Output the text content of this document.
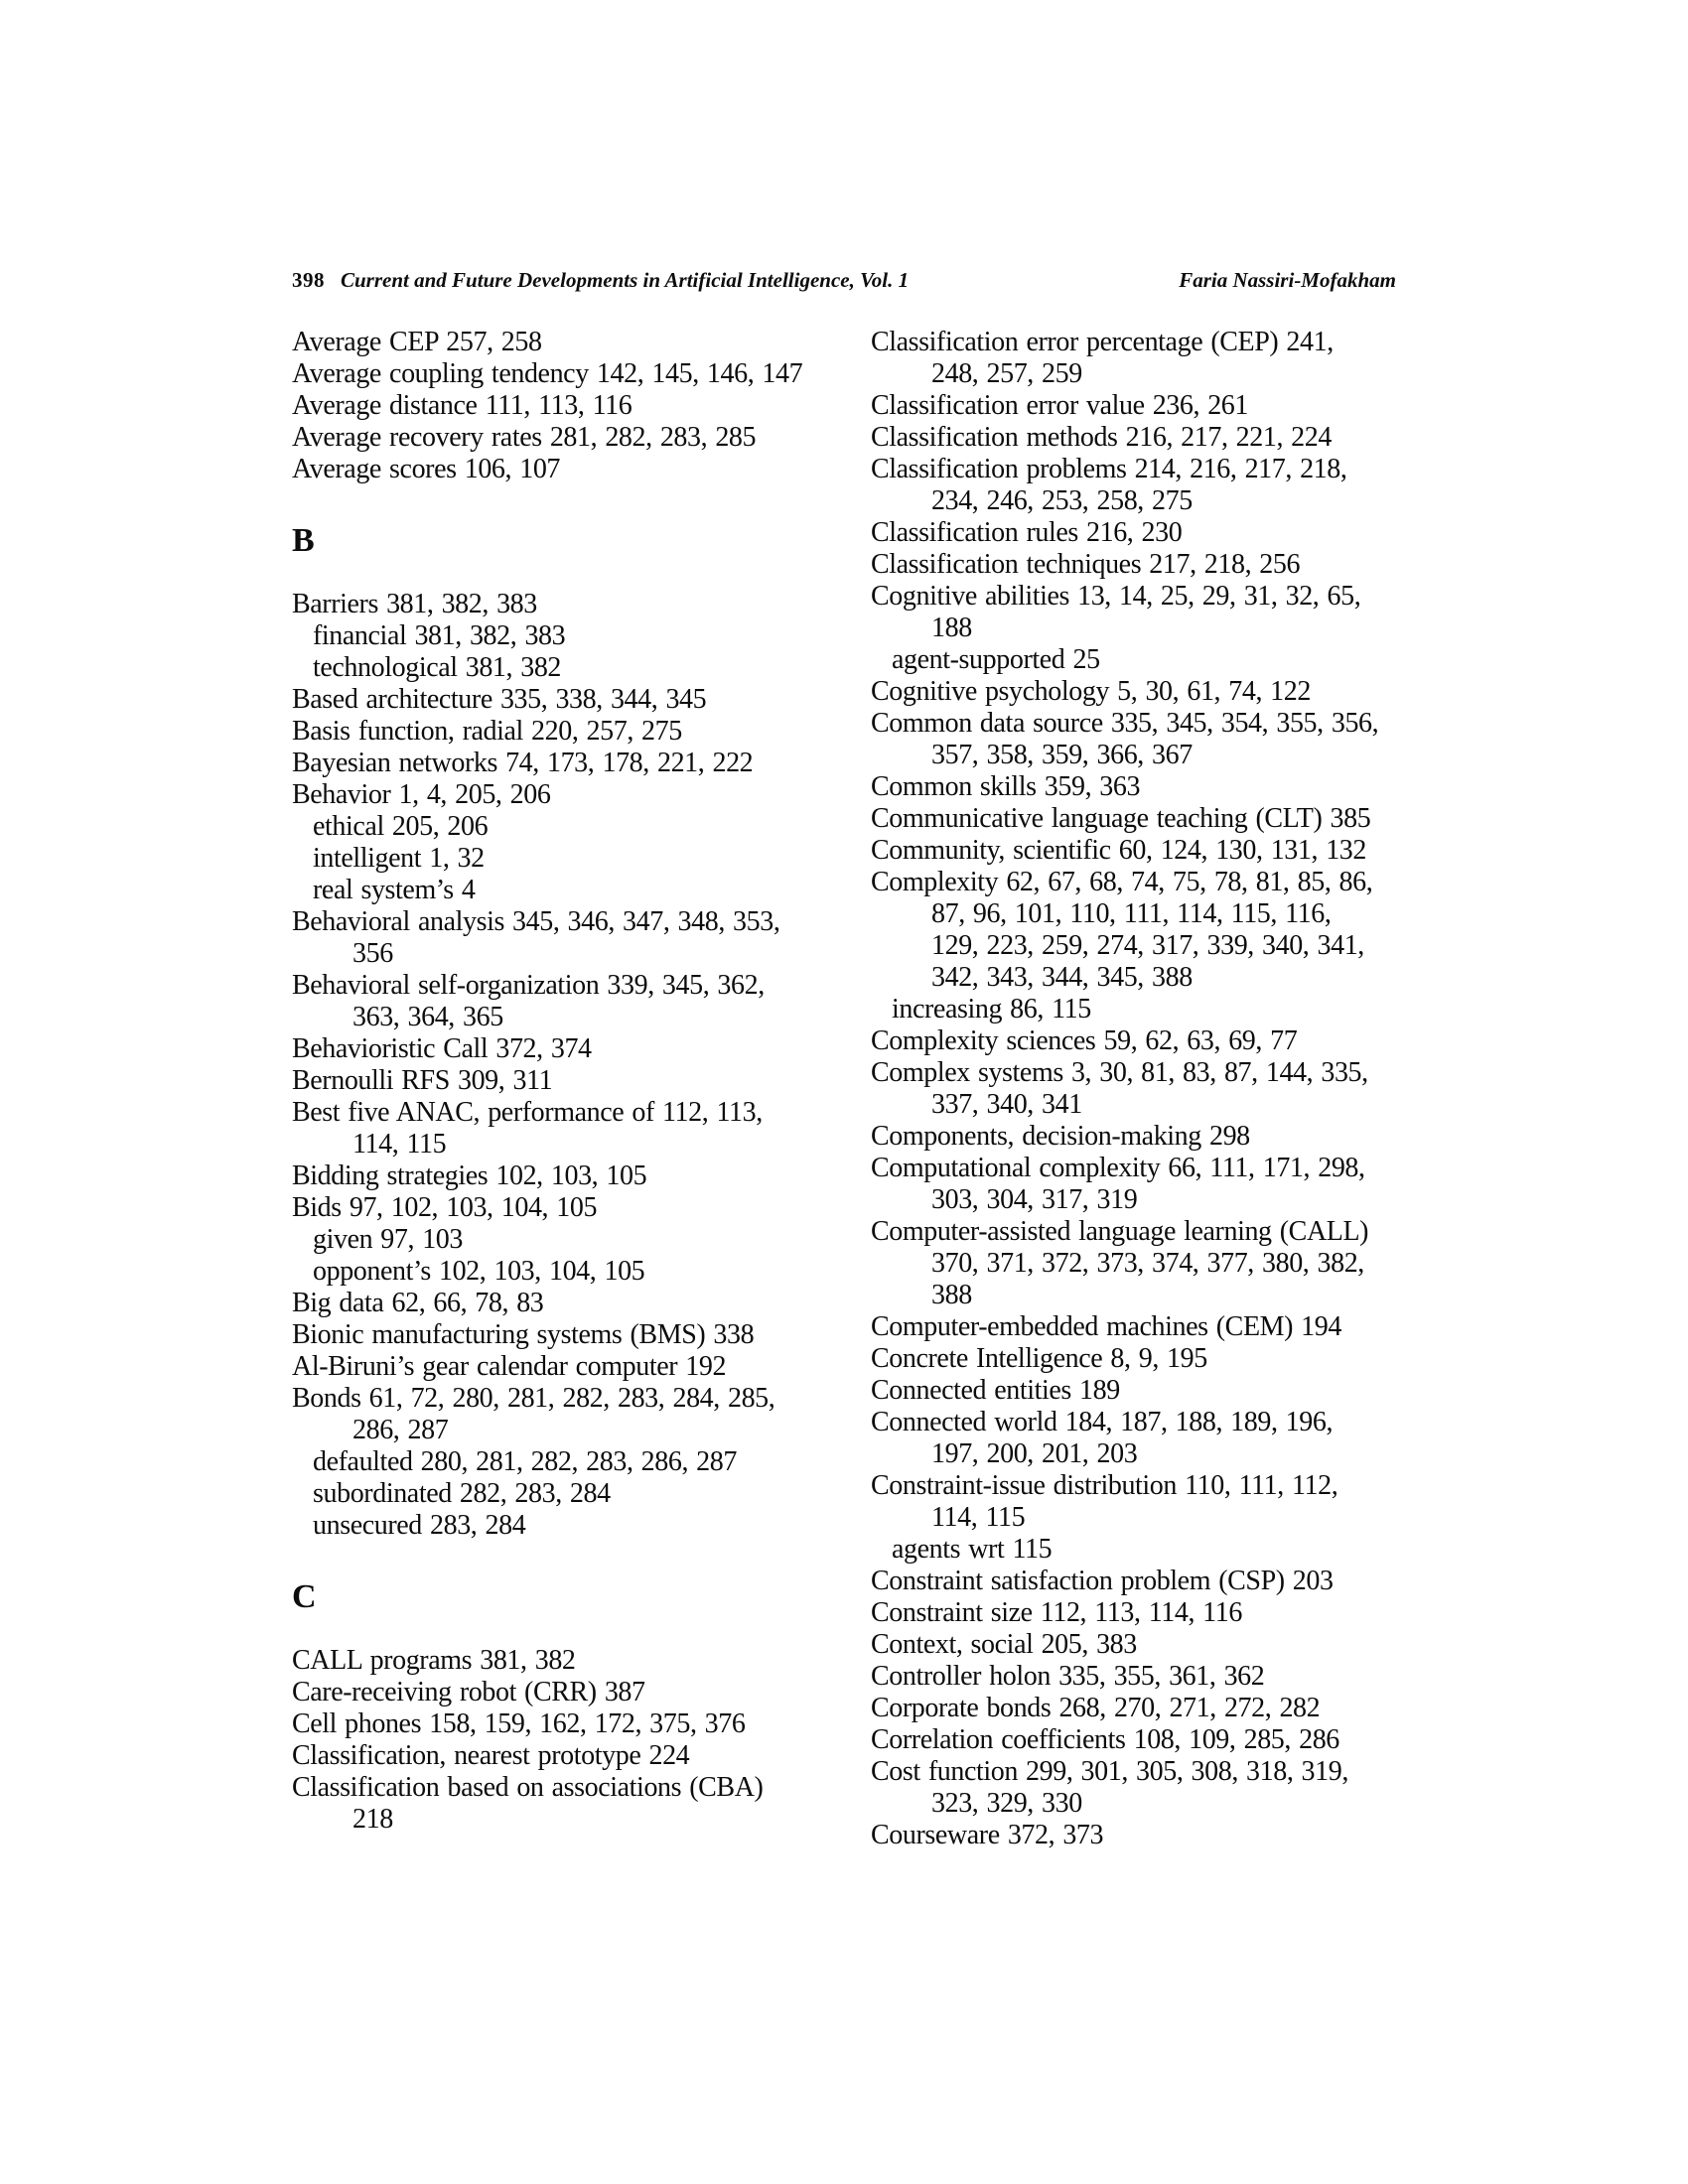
398 Current and Future Developments in Artificial Intelligence, Vol. 1	Faria Nassiri-Mofakham
Average CEP 257, 258
Average coupling tendency 142, 145, 146, 147
Average distance 111, 113, 116
Average recovery rates 281, 282, 283, 285
Average scores 106, 107
B
Barriers 381, 382, 383
financial 381, 382, 383
technological 381, 382
Based architecture 335, 338, 344, 345
Basis function, radial 220, 257, 275
Bayesian networks 74, 173, 178, 221, 222
Behavior 1, 4, 205, 206
ethical 205, 206
intelligent 1, 32
real system’s 4
Behavioral analysis 345, 346, 347, 348, 353,
356
Behavioral self-organization 339, 345, 362,
363, 364, 365
Behavioristic Call 372, 374
Bernoulli RFS 309, 311
Best five ANAC, performance of 112, 113,
114, 115
Bidding strategies 102, 103, 105
Bids 97, 102, 103, 104, 105
given 97, 103
opponent’s 102, 103, 104, 105
Big data 62, 66, 78, 83
Bionic manufacturing systems (BMS) 338
Al-Biruni’s gear calendar computer 192
Bonds 61, 72, 280, 281, 282, 283, 284, 285,
286, 287
defaulted 280, 281, 282, 283, 286, 287
subordinated 282, 283, 284
unsecured 283, 284
C
CALL programs 381, 382
Care-receiving robot (CRR) 387
Cell phones 158, 159, 162, 172, 375, 376
Classification, nearest prototype 224
Classification based on associations (CBA)
218
Classification error percentage (CEP) 241,
248, 257, 259
Classification error value 236, 261
Classification methods 216, 217, 221, 224
Classification problems 214, 216, 217, 218,
234, 246, 253, 258, 275
Classification rules 216, 230
Classification techniques 217, 218, 256
Cognitive abilities 13, 14, 25, 29, 31, 32, 65,
188
agent-supported 25
Cognitive psychology 5, 30, 61, 74, 122
Common data source 335, 345, 354, 355, 356,
357, 358, 359, 366, 367
Common skills 359, 363
Communicative language teaching (CLT) 385
Community, scientific 60, 124, 130, 131, 132
Complexity 62, 67, 68, 74, 75, 78, 81, 85, 86,
87, 96, 101, 110, 111, 114, 115, 116,
129, 223, 259, 274, 317, 339, 340, 341,
342, 343, 344, 345, 388
increasing 86, 115
Complexity sciences 59, 62, 63, 69, 77
Complex systems 3, 30, 81, 83, 87, 144, 335,
337, 340, 341
Components, decision-making 298
Computational complexity 66, 111, 171, 298,
303, 304, 317, 319
Computer-assisted language learning (CALL)
370, 371, 372, 373, 374, 377, 380, 382,
388
Computer-embedded machines (CEM) 194
Concrete Intelligence 8, 9, 195
Connected entities 189
Connected world 184, 187, 188, 189, 196,
197, 200, 201, 203
Constraint-issue distribution 110, 111, 112,
114, 115
agents wrt 115
Constraint satisfaction problem (CSP) 203
Constraint size 112, 113, 114, 116
Context, social 205, 383
Controller holon 335, 355, 361, 362
Corporate bonds 268, 270, 271, 272, 282
Correlation coefficients 108, 109, 285, 286
Cost function 299, 301, 305, 308, 318, 319,
323, 329, 330
Courseware 372, 373
